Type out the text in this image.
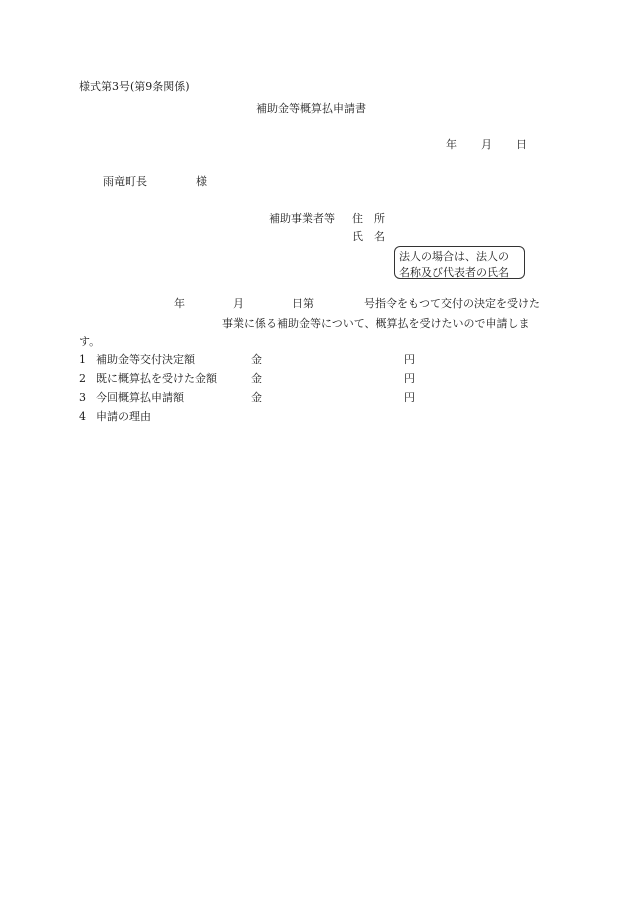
様式第3号(第9条関係)
補助金等概算払申請書
年 月 日
雨竜町長	様
補助事業者等 住　所
氏　名
法人の場合は、法人の
名称及び代表者の氏名
年	月	日第	号指令をもつて交付の決定を受けた
事業に係る補助金等について、概算払を受けたいので申請しま
す。
1 補助金等交付決定額	金	円
2 既に概算払を受けた金額	金	円
3 今回概算払申請額	金	円
4 申請の理由
